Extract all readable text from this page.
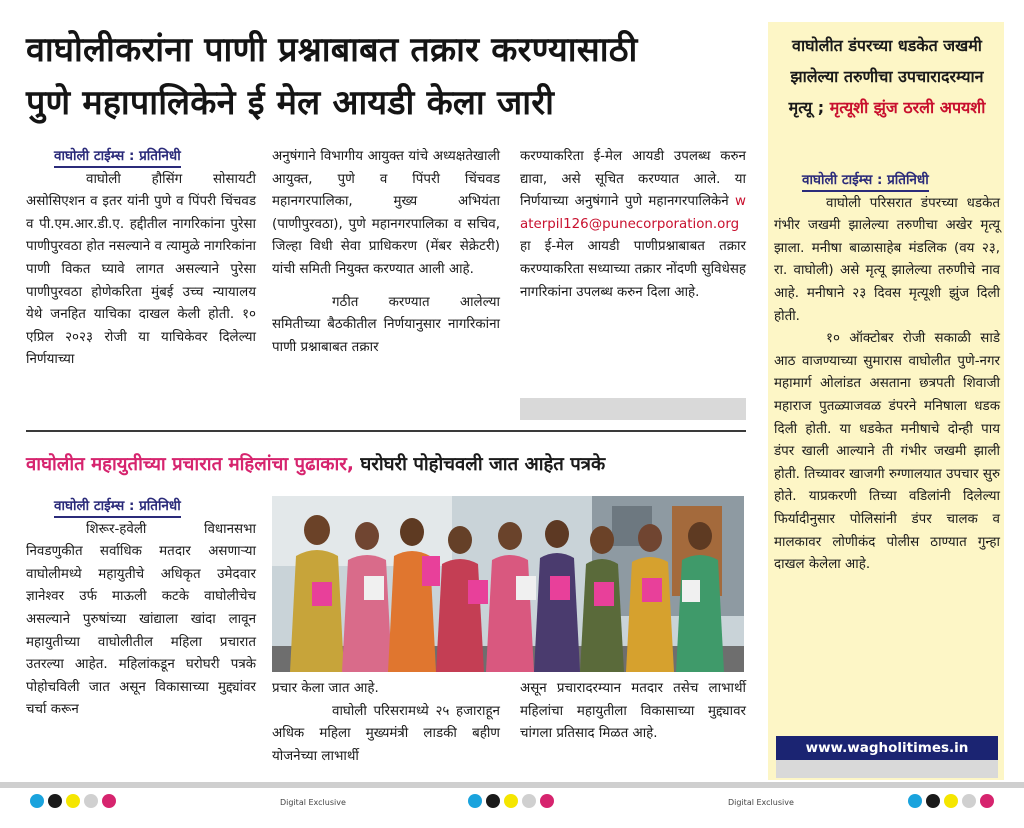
वाघोलीकरांना पाणी प्रश्नाबाबत तक्रार करण्यासाठी
पुणे महापालिकेने ई मेल आयडी केला जारी
वाघोली टाईम्स : प्रतिनिधी

वाघोली हौसिंग सोसायटी असोसिएशन व इतर यांनी पुणे व पिंपरी चिंचवड व पी.एम.आर.डी.ए. हद्दीतील नागरिकांना पुरेसा पाणीपुरवठा होत नसल्याने व त्यामुळे नागरिकांना पाणी विकत घ्यावे लागत असल्याने पुरेसा पाणीपुरवठा होणेकरिता मुंबई उच्च न्यायालय येथे जनहित याचिका दाखल केली होती. १० एप्रिल २०२३ रोजी या याचिकेवर दिलेल्या निर्णयाच्या

अनुषंगाने विभागीय आयुक्त यांचे अध्यक्षतेखाली आयुक्त, पुणे व पिंपरी चिंचवड महानगरपालिका, मुख्य अभियंता (पाणीपुरवठा), पुणे महानगरपालिका व सचिव, जिल्हा विधी सेवा प्राधिकरण (मेंबर सेक्रेटरी) यांची समिती नियुक्त करण्यात आली आहे.

गठीत करण्यात आलेल्या समितीच्या बैठकीतील निर्णयानुसार नागरिकांना पाणी प्रश्नाबाबत तक्रार

करण्याकरिता ई-मेल आयडी उपलब्ध करुन द्यावा, असे सूचित करण्यात आले. या निर्णयाच्या अनुषंगाने पुणे महानगरपालिकेने waterpil126@punecorporation.org हा ई-मेल आयडी पाणीप्रश्नाबाबत तक्रार करण्याकरिता सध्याच्या तक्रार नोंदणी सुविधेसह नागरिकांना उपलब्ध करुन दिला आहे.

वाघोलीत महायुतीच्या प्रचारात महिलांचा पुढाकार, घरोघरी पोहोचवली जात आहेत पत्रके
वाघोली टाईम्स : प्रतिनिधी

शिरूर-हवेली विधानसभा निवडणुकीत सर्वाधिक मतदार असणाऱ्या वाघोलीमध्ये महायुतीचे अधिकृत उमेदवार ज्ञानेश्वर उर्फ माऊली कटके वाघोलीचेच असल्याने पुरुषांच्या खांद्याला खांदा लावून महायुतीच्या वाघोलीतील महिला प्रचारात उतरल्या आहेत. महिलांकडून घरोघरी पत्रके पोहोचविली जात असून विकासाच्या मुद्द्यांवर चर्चा करून

प्रचार केला जात आहे.

वाघोली परिसरामध्ये २५ हजाराहून अधिक महिला मुख्यमंत्री लाडकी बहीण योजनेच्या लाभार्थी

असून प्रचारादरम्यान मतदार तसेच लाभार्थी महिलांचा महायुतीला विकासाच्या मुद्द्यावर चांगला प्रतिसाद मिळत आहे.

वाघोलीत डंपरच्या धडकेत जखमी झालेल्या तरुणीचा उपचारादरम्यान मृत्यू ; मृत्यूशी झुंज ठरली अपयशी
वाघोली टाईम्स : प्रतिनिधी

वाघोली परिसरात डंपरच्या धडकेत गंभीर जखमी झालेल्या तरुणीचा अखेर मृत्यू झाला. मनीषा बाळासाहेब मंडलिक (वय २३, रा. वाघोली) असे मृत्यू झालेल्या तरुणीचे नाव आहे. मनीषाने २३ दिवस मृत्यूशी झुंज दिली होती.

१० ऑक्टोबर रोजी सकाळी साडे आठ वाजण्याच्या सुमारास वाघोलीत पुणे-नगर महामार्ग ओलांडत असताना छत्रपती शिवाजी महाराज पुतळ्याजवळ डंपरने मनिषाला धडक दिली होती. या धडकेत मनीषाचे दोन्ही पाय डंपर खाली आल्याने ती गंभीर जखमी झाली होती. तिच्यावर खाजगी रुग्णालयात उपचार सुरु होते. याप्रकरणी तिच्या वडिलांनी दिलेल्या फिर्यादीनुसार पोलिसांनी डंपर चालक व मालकावर लोणीकंद पोलीस ठाण्यात गुन्हा दाखल केलेला आहे.

www.wagholitimes.in
Digital Exclusive	Digital Exclusive
